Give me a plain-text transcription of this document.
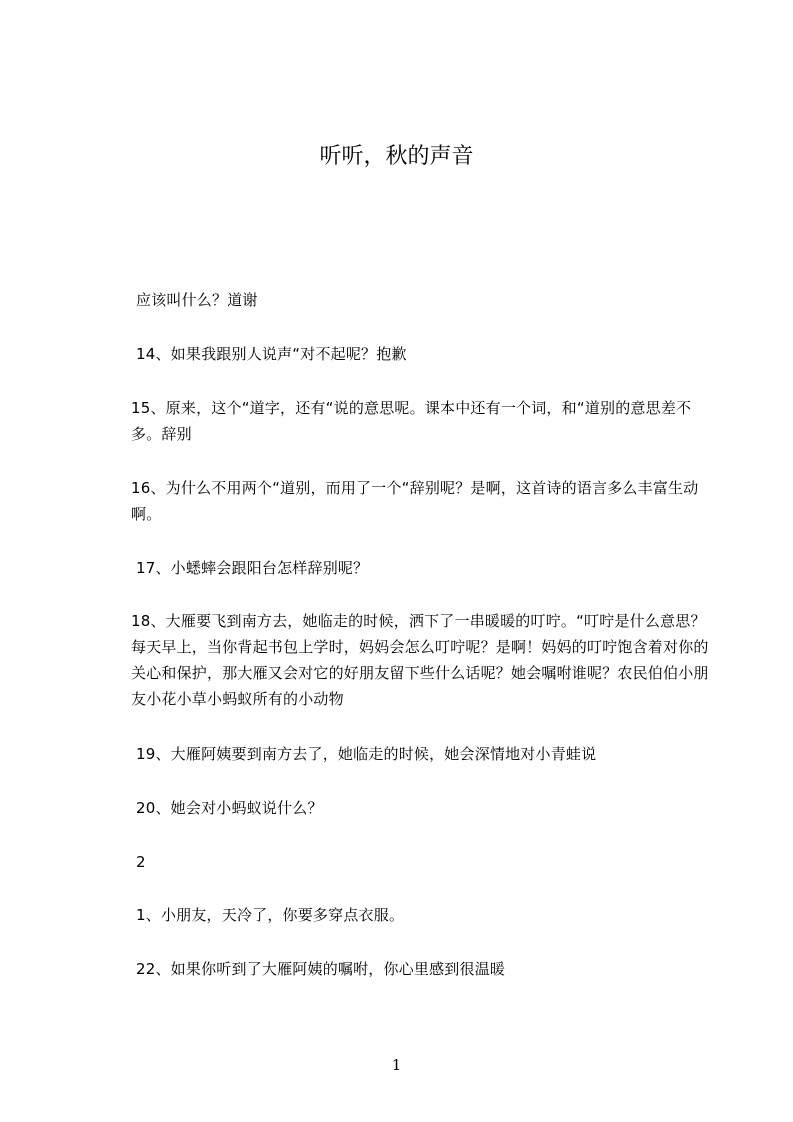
听听，秋的声音

应该叫什么？道谢

14、如果我跟别人说声“对不起呢？抱歉

15、原来，这个“道字，还有“说的意思呢。课本中还有一个词，和“道别的意思差不多。辞别

16、为什么不用两个“道别，而用了一个“辞别呢？是啊，这首诗的语言多么丰富生动啊。

17、小蟋蟀会跟阳台怎样辞别呢？

18、大雁要飞到南方去，她临走的时候，洒下了一串暖暖的叮咛。“叮咛是什么意思？每天早上，当你背起书包上学时，妈妈会怎么叮咛呢？是啊！妈妈的叮咛饱含着对你的关心和保护，那大雁又会对它的好朋友留下些什么话呢？她会嘱咐谁呢？农民伯伯小朋友小花小草小蚂蚁所有的小动物

19、大雁阿姨要到南方去了，她临走的时候，她会深情地对小青蛙说

20、她会对小蚂蚁说什么？

2

1、小朋友，天冷了，你要多穿点衣服。

22、如果你听到了大雁阿姨的嘱咐，你心里感到很温暖

1
